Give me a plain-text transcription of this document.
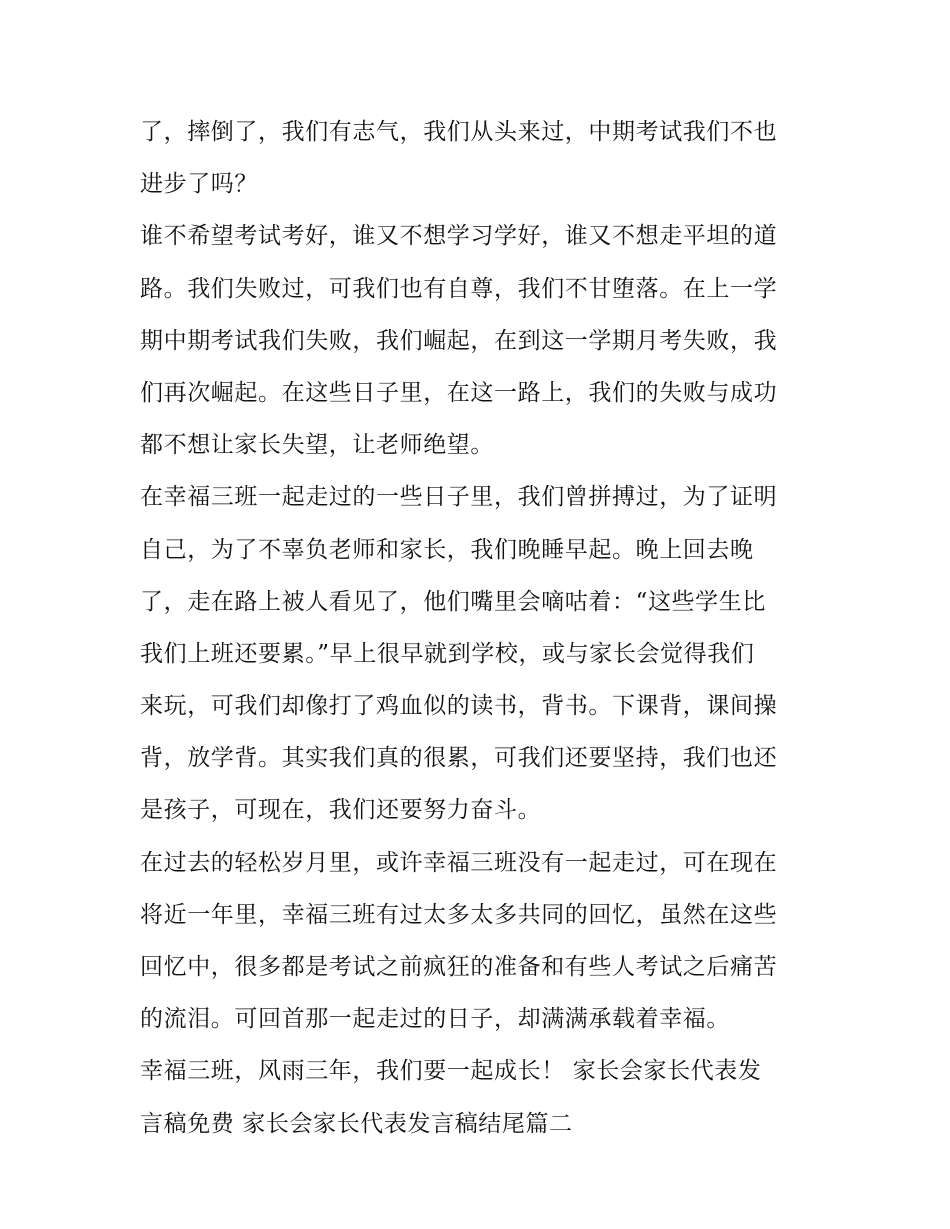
了，摔倒了，我们有志气，我们从头来过，中期考试我们不也
进步了吗？
谁不希望考试考好，谁又不想学习学好，谁又不想走平坦的道
路。我们失败过，可我们也有自尊，我们不甘堕落。在上一学
期中期考试我们失败，我们崛起，在到这一学期月考失败，我
们再次崛起。在这些日子里，在这一路上，我们的失败与成功
都不想让家长失望，让老师绝望。
在幸福三班一起走过的一些日子里，我们曾拼搏过，为了证明
自己，为了不辜负老师和家长，我们晚睡早起。晚上回去晚
了，走在路上被人看见了，他们嘴里会嘀咕着：“这些学生比
我们上班还要累。”早上很早就到学校，或与家长会觉得我们
来玩，可我们却像打了鸡血似的读书，背书。下课背，课间操
背，放学背。其实我们真的很累，可我们还要坚持，我们也还
是孩子，可现在，我们还要努力奋斗。
在过去的轻松岁月里，或许幸福三班没有一起走过，可在现在
将近一年里，幸福三班有过太多太多共同的回忆，虽然在这些
回忆中，很多都是考试之前疯狂的准备和有些人考试之后痛苦
的流泪。可回首那一起走过的日子，却满满承载着幸福。
幸福三班，风雨三年，我们要一起成长！ 家长会家长代表发
言稿免费 家长会家长代表发言稿结尾篇二
